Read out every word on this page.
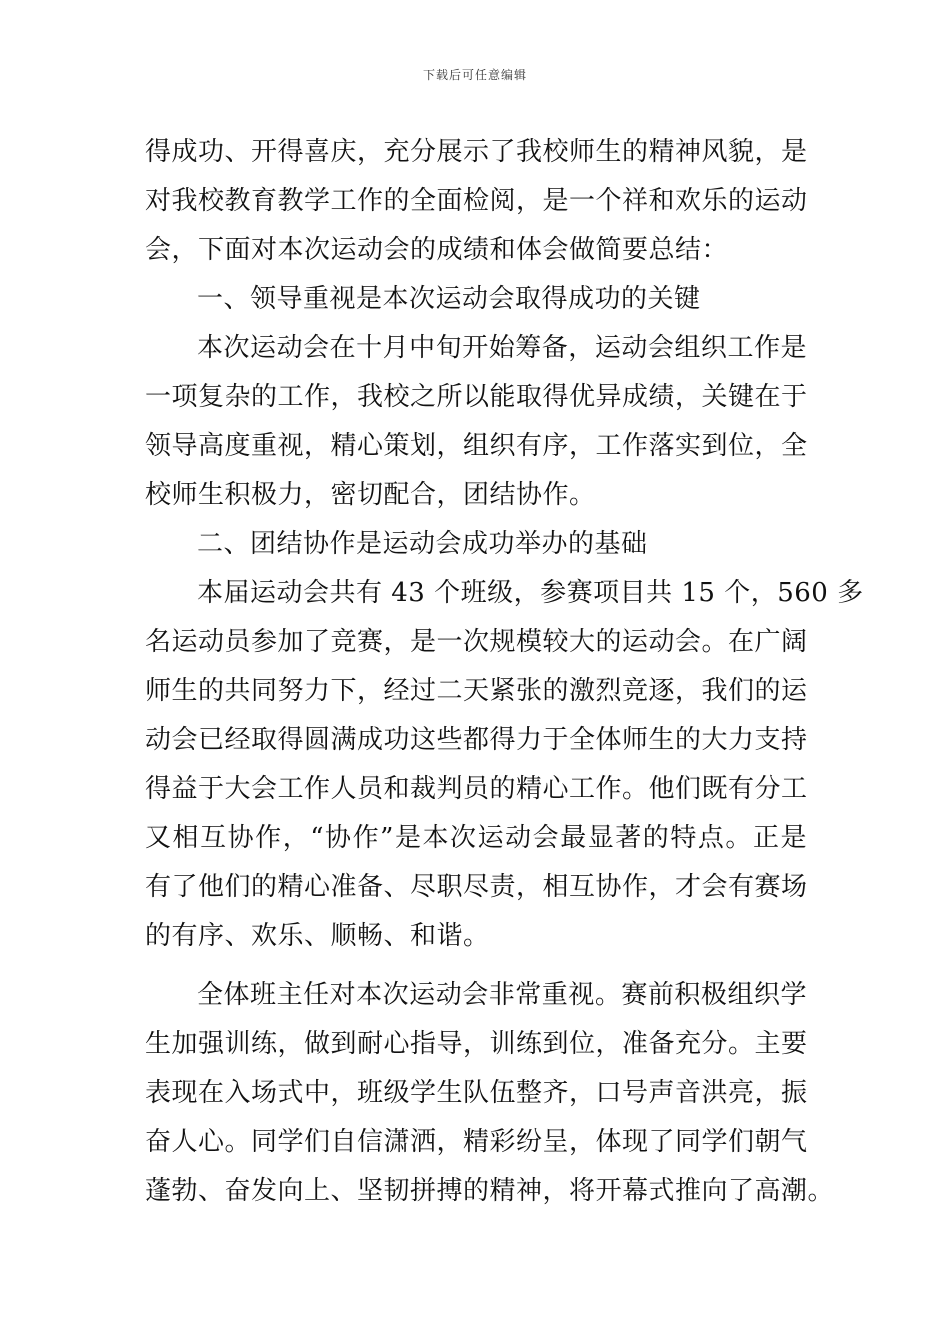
下载后可任意编辑
得成功、开得喜庆，充分展示了我校师生的精神风貌，是
对我校教育教学工作的全面检阅，是一个祥和欢乐的运动
会，下面对本次运动会的成绩和体会做简要总结：
一、领导重视是本次运动会取得成功的关键
本次运动会在十月中旬开始筹备，运动会组织工作是
一项复杂的工作，我校之所以能取得优异成绩，关键在于
领导高度重视，精心策划，组织有序，工作落实到位，全
校师生积极力，密切配合，团结协作。
二、团结协作是运动会成功举办的基础
本届运动会共有 43 个班级，参赛项目共 15 个，560 多
名运动员参加了竞赛，是一次规模较大的运动会。在广阔
师生的共同努力下，经过二天紧张的激烈竞逐，我们的运
动会已经取得圆满成功这些都得力于全体师生的大力支持
得益于大会工作人员和裁判员的精心工作。他们既有分工
又相互协作，“协作”是本次运动会最显著的特点。正是
有了他们的精心准备、尽职尽责，相互协作，才会有赛场
的有序、欢乐、顺畅、和谐。
全体班主任对本次运动会非常重视。赛前积极组织学
生加强训练，做到耐心指导，训练到位，准备充分。主要
表现在入场式中，班级学生队伍整齐，口号声音洪亮，振
奋人心。同学们自信潇洒，精彩纷呈，体现了同学们朝气
蓬勃、奋发向上、坚韧拼搏的精神，将开幕式推向了高潮。
